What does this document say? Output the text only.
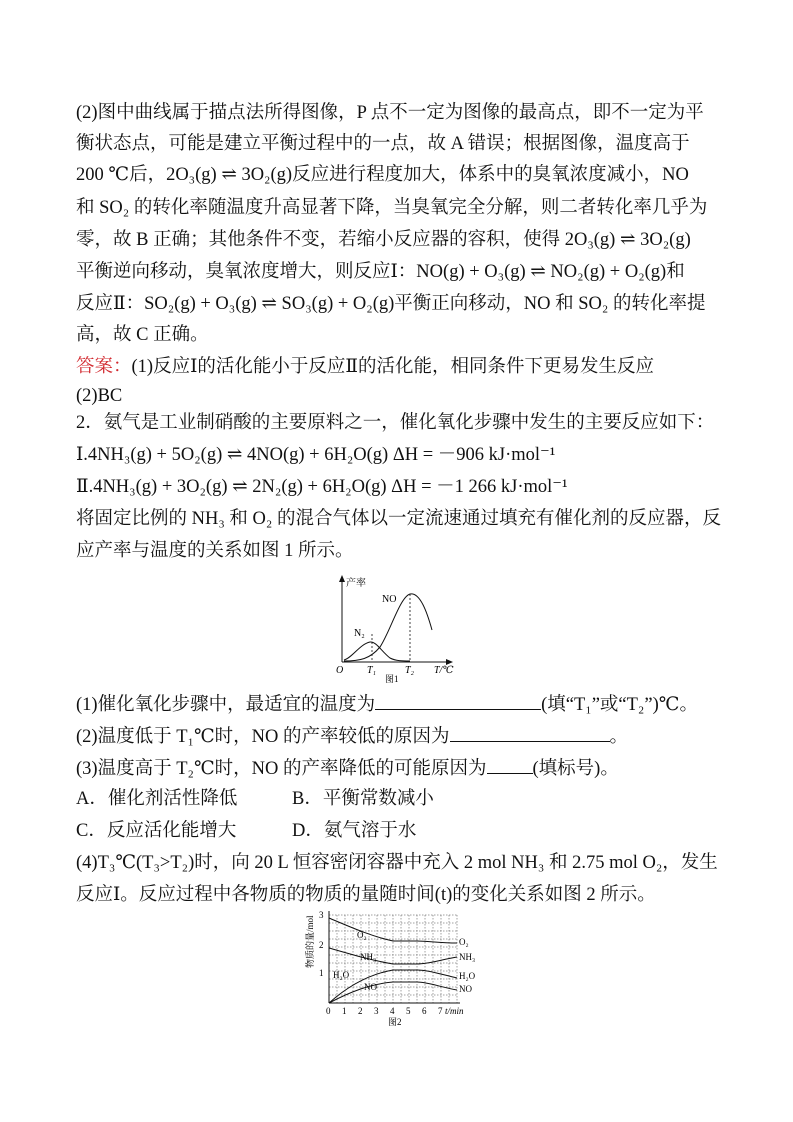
(2)图中曲线属于描点法所得图像，P 点不一定为图像的最高点，即不一定为平
衡状态点，可能是建立平衡过程中的一点，故 A 错误；根据图像，温度高于
200 ℃后，2O₃(g) ⇌ 3O₂(g)反应进行程度加大，体系中的臭氧浓度减小，NO
和 SO₂ 的转化率随温度升高显著下降，当臭氧完全分解，则二者转化率几乎为
零，故 B 正确；其他条件不变，若缩小反应器的容积，使得 2O₃(g) ⇌ 3O₂(g)
平衡逆向移动，臭氧浓度增大，则反应Ⅰ：NO(g) + O₃(g) ⇌ NO₂(g) + O₂(g)和
反应Ⅱ：SO₂(g) + O₃(g) ⇌ SO₃(g) + O₂(g)平衡正向移动，NO 和 SO₂ 的转化率提
高，故 C 正确。
答案：(1)反应Ⅰ的活化能小于反应Ⅱ的活化能，相同条件下更易发生反应
(2)BC
2．氨气是工业制硝酸的主要原料之一，催化氧化步骤中发生的主要反应如下：
Ⅰ.4NH₃(g) + 5O₂(g) ⇌ 4NO(g) + 6H₂O(g) ΔH = －906 kJ·mol⁻¹
Ⅱ.4NH₃(g) + 3O₂(g) ⇌ 2N₂(g) + 6H₂O(g) ΔH = －1 266 kJ·mol⁻¹
将固定比例的 NH₃ 和 O₂ 的混合气体以一定流速通过填充有催化剂的反应器，反
应产率与温度的关系如图 1 所示。
产率
O T₁	T₂ T/℃
NO
N₂
图1
(1)催化氧化步骤中，最适宜的温度为	(填“T₁”或“T₂”)℃。
(2)温度低于 T₁℃时，NO 的产率较低的原因为	。
(3)温度高于 T₂℃时，NO 的产率降低的可能原因为 (填标号)。
A．催化剂活性降低	B．平衡常数减小
C．反应活化能增大	D．氨气溶于水
(4)T₃℃(T₃>T₂)时，向 20 L 恒容密闭容器中充入 2 mol NH₃ 和 2.75 mol O₂，发生
反应Ⅰ。反应过程中各物质的物质的量随时间(t)的变化关系如图 2 所示。
物质的量/mol
3
2
1
0 1 2 3 4 5 6 7 t/min
O₂
NH₃
H₂O
NO
O₂
NH₃
H₂O
NO
图2
